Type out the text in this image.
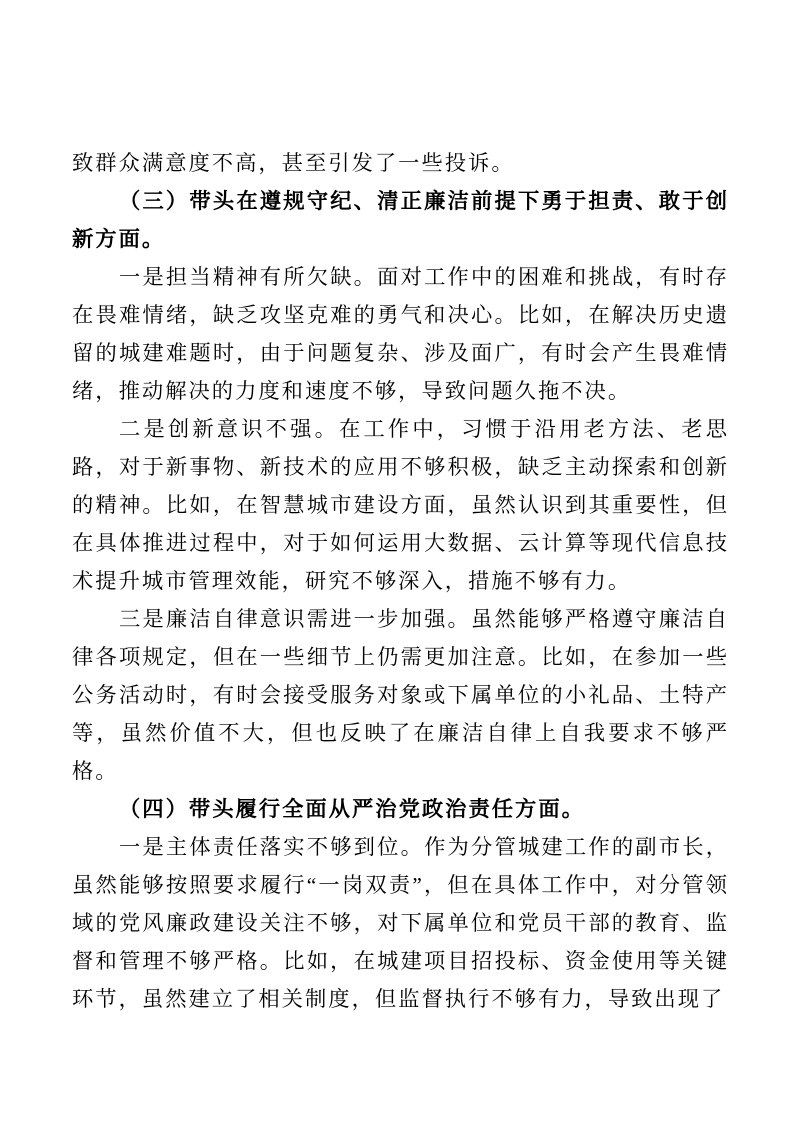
致群众满意度不高，甚至引发了一些投诉。

（三）带头在遵规守纪、清正廉洁前提下勇于担责、敢于创新方面。

一是担当精神有所欠缺。面对工作中的困难和挑战，有时存在畏难情绪，缺乏攻坚克难的勇气和决心。比如，在解决历史遗留的城建难题时，由于问题复杂、涉及面广，有时会产生畏难情绪，推动解决的力度和速度不够，导致问题久拖不决。

二是创新意识不强。在工作中，习惯于沿用老方法、老思路，对于新事物、新技术的应用不够积极，缺乏主动探索和创新的精神。比如，在智慧城市建设方面，虽然认识到其重要性，但在具体推进过程中，对于如何运用大数据、云计算等现代信息技术提升城市管理效能，研究不够深入，措施不够有力。

三是廉洁自律意识需进一步加强。虽然能够严格遵守廉洁自律各项规定，但在一些细节上仍需更加注意。比如，在参加一些公务活动时，有时会接受服务对象或下属单位的小礼品、土特产等，虽然价值不大，但也反映了在廉洁自律上自我要求不够严格。

（四）带头履行全面从严治党政治责任方面。

一是主体责任落实不够到位。作为分管城建工作的副市长，虽然能够按照要求履行“一岗双责”，但在具体工作中，对分管领域的党风廉政建设关注不够，对下属单位和党员干部的教育、监督和管理不够严格。比如，在城建项目招投标、资金使用等关键环节，虽然建立了相关制度，但监督执行不够有力，导致出现了
